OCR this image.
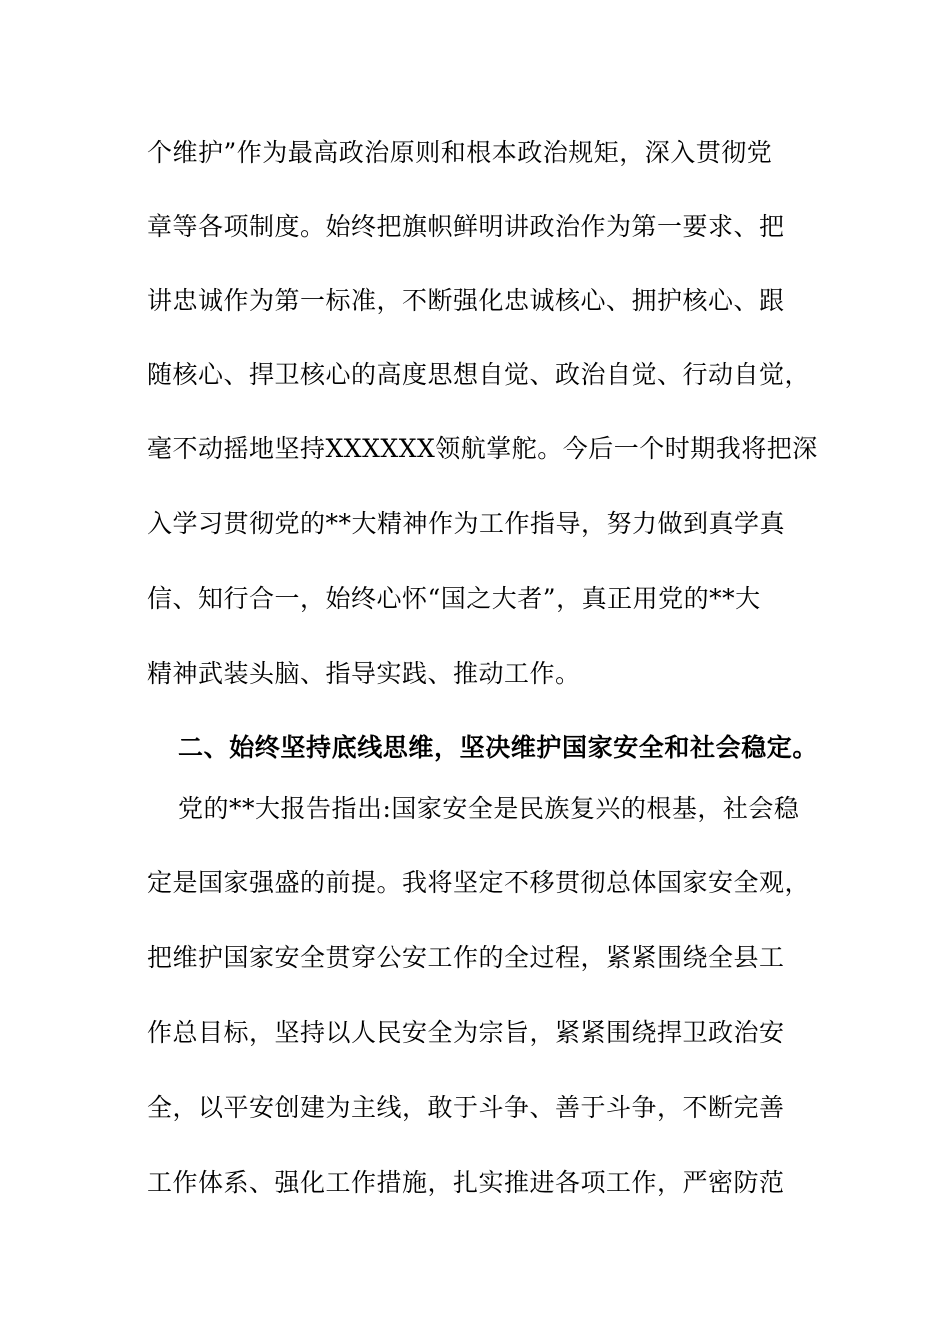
个维护”作为最高政治原则和根本政治规矩，深入贯彻党
章等各项制度。始终把旗帜鲜明讲政治作为第一要求、把
讲忠诚作为第一标准，不断强化忠诚核心、拥护核心、跟
随核心、捍卫核心的高度思想自觉、政治自觉、行动自觉，
毫不动摇地坚持XXXXXX领航掌舵。今后一个时期我将把深
入学习贯彻党的**大精神作为工作指导，努力做到真学真
信、知行合一，始终心怀“国之大者”，真正用党的**大
精神武装头脑、指导实践、推动工作。
二、始终坚持底线思维，坚决维护国家安全和社会稳定。
党的**大报告指出:国家安全是民族复兴的根基，社会稳
定是国家强盛的前提。我将坚定不移贯彻总体国家安全观，
把维护国家安全贯穿公安工作的全过程，紧紧围绕全县工
作总目标，坚持以人民安全为宗旨，紧紧围绕捍卫政治安
全，以平安创建为主线，敢于斗争、善于斗争，不断完善
工作体系、强化工作措施，扎实推进各项工作，严密防范
